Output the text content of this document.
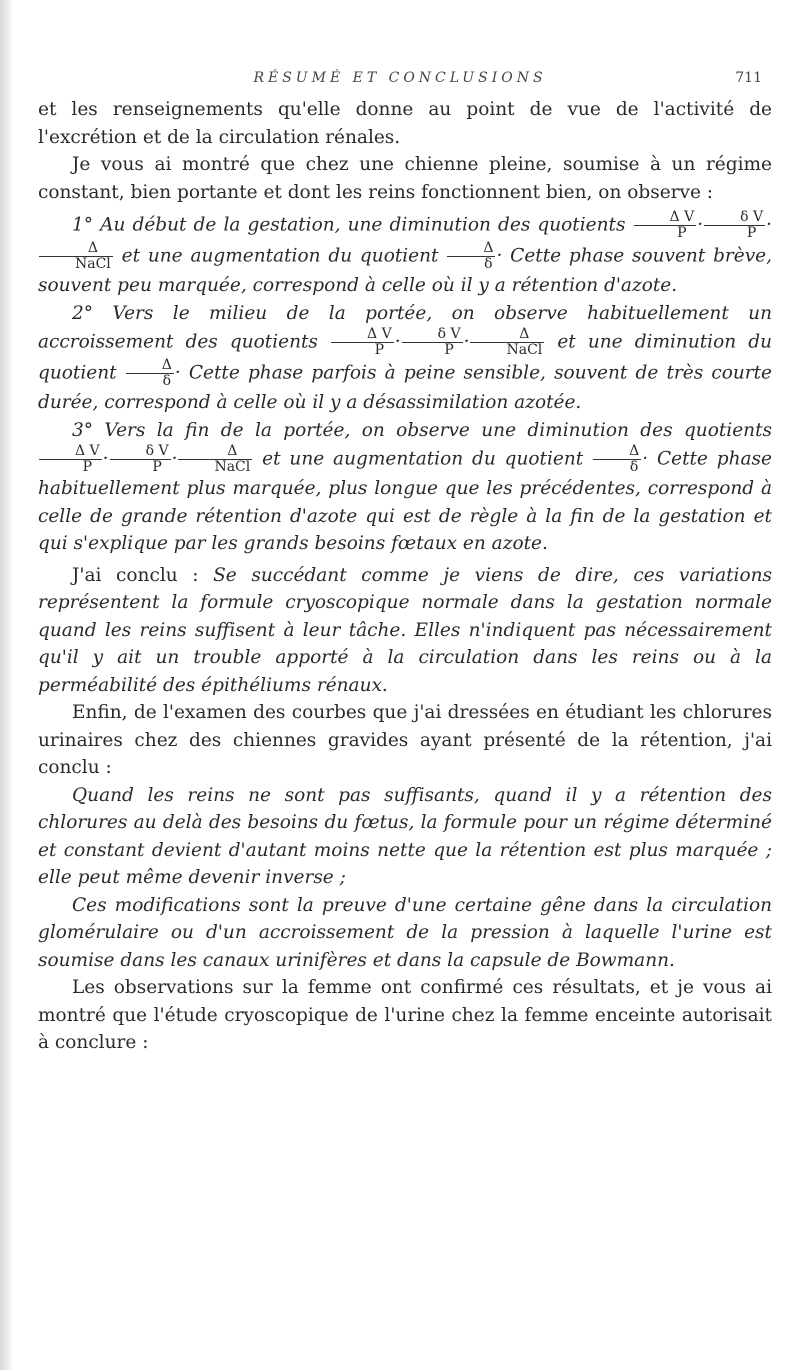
RÉSUMÉ ET CONCLUSIONS	711

et les renseignements qu'elle donne au point de vue de l'activité de l'excrétion et de la circulation rénales.

Je vous ai montré que chez une chienne pleine, soumise à un régime constant, bien portante et dont les reins fonctionnent bien, on observe :

1° Au début de la gestation, une diminution des quotients $\frac{\text{Δ V}}{P} \cdot \frac{\text{δ V}}{P}$ ·
$\frac{\Delta}{\text{NaCl}}$ et une augmentation du quotient $\frac{\Delta}{\delta}$ · Cette phase souvent brève, souvent peu marquée, correspond à celle où il y a rétention d'azote.

2° Vers le milieu de la portée, on observe habituellement un accroissement des quotients $\frac{\text{Δ V}}{P} \cdot \frac{\text{δ V}}{P} \cdot \frac{\Delta}{\text{NaCl}}$ et une diminution du quotient $\frac{\Delta}{\delta}$ · Cette phase parfois à peine sensible, souvent de très courte durée, correspond à celle où il y a désassimilation azotée.

3° Vers la fin de la portée, on observe une diminution des quotients
$\frac{\text{Δ V}}{P} \cdot \frac{\text{δ V}}{P} \cdot \frac{\Delta}{\text{NaCl}}$ et une augmentation du quotient $\frac{\Delta}{\delta}$ · Cette phase habituellement plus marquée, plus longue que les précédentes, correspond à celle de grande rétention d'azote qui est de règle à la fin de la gestation et qui s'explique par les grands besoins fœtaux en azote.

J'ai conclu : Se succédant comme je viens de dire, ces variations représentent la formule cryoscopique normale dans la gestation normale quand les reins suffisent à leur tâche. Elles n'indiquent pas nécessairement qu'il y ait un trouble apporté à la circulation dans les reins ou à la perméabilité des épithéliums rénaux.

Enfin, de l'examen des courbes que j'ai dressées en étudiant les chlorures urinaires chez des chiennes gravides ayant présenté de la rétention, j'ai conclu :

Quand les reins ne sont pas suffisants, quand il y a rétention des chlorures au delà des besoins du fœtus, la formule pour un régime déterminé et constant devient d'autant moins nette que la rétention est plus marquée ; elle peut même devenir inverse ;

Ces modifications sont la preuve d'une certaine gêne dans la circulation glomérulaire ou d'un accroissement de la pression à laquelle l'urine est soumise dans les canaux urinifères et dans la capsule de Bowmann.

Les observations sur la femme ont confirmé ces résultats, et je vous ai montré que l'étude cryoscopique de l'urine chez la femme enceinte autorisait à conclure :
